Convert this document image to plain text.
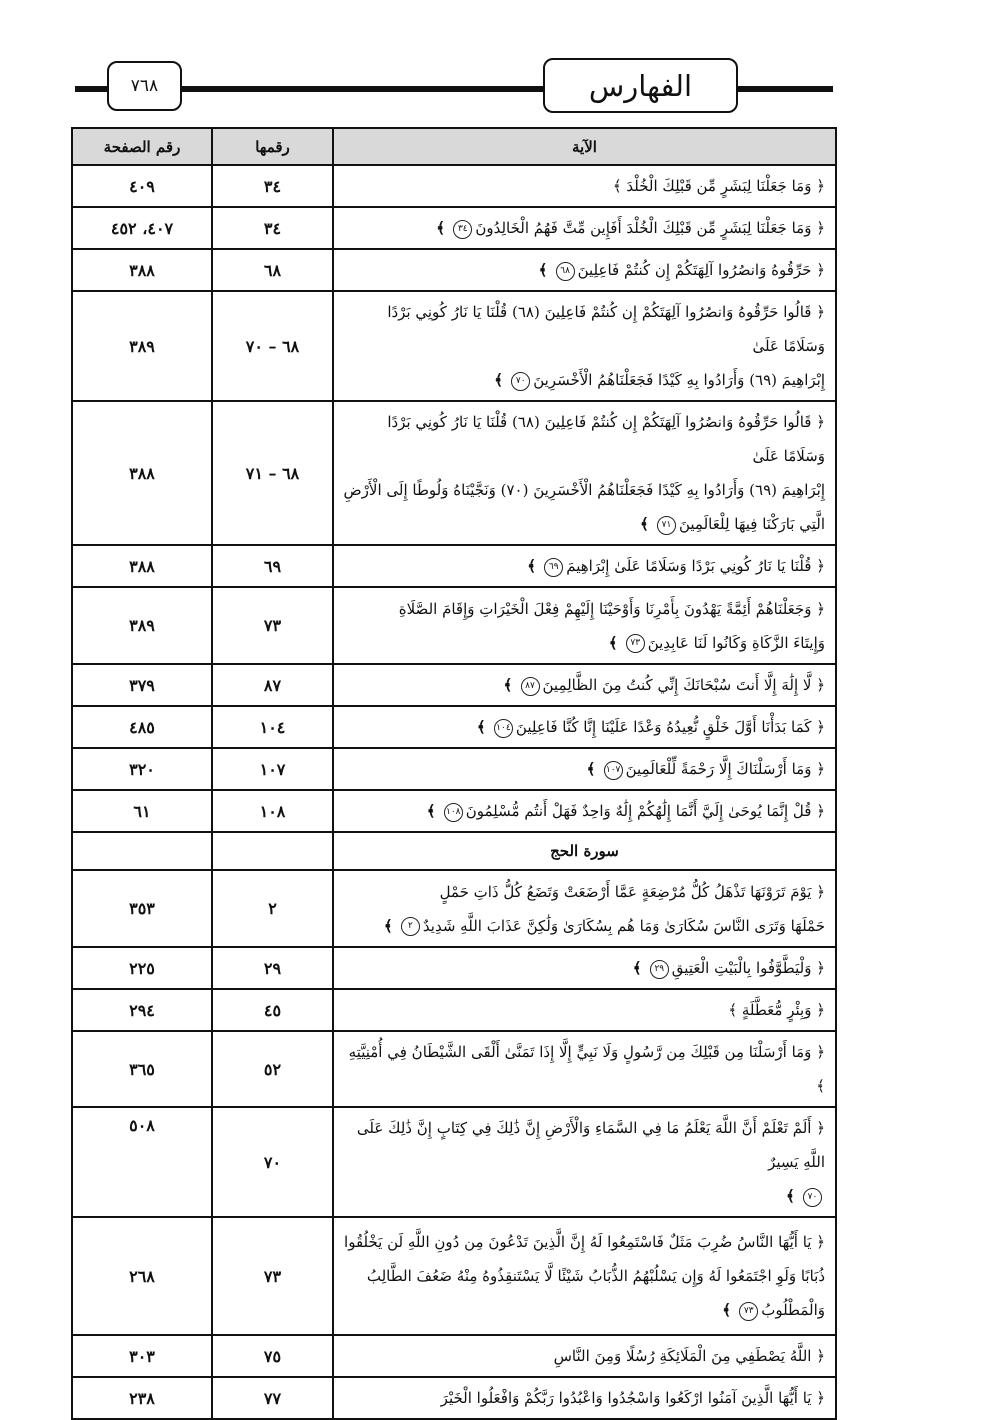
٧٦٨	الفهارس
رقم الصفحة	رقمها	الآية
٤٠٩	٣٤	﴿ وَمَا جَعَلْنَا لِبَشَرٍ مِّن قَبْلِكَ الْخُلْدَ ﴾

٤٠٧، ٤٥٢	٣٤	﴿ وَمَا جَعَلْنَا لِبَشَرٍ مِّن قَبْلِكَ الْخُلْدَ أَفَإِين مِّتَّ فَهُمُ الْخَالِدُونَ٣٤ ﴾

٣٨٨	٦٨	﴿ حَرِّقُوهُ وَانصُرُوا آلِهَتَكُمْ إِن كُنتُمْ فَاعِلِينَ٦٨ ﴾

٣٨٩	٦٨ – ٧٠	﴿ قَالُوا حَرِّقُوهُ وَانصُرُوا آلِهَتَكُمْ إِن كُنتُمْ فَاعِلِينَ (٦٨) قُلْنَا يَا نَارُ كُونِي بَرْدًا وَسَلَامًا عَلَىٰ
إِبْرَاهِيمَ (٦٩) وَأَرَادُوا بِهِ كَيْدًا فَجَعَلْنَاهُمُ الْأَخْسَرِينَ٧٠ ﴾

٣٨٨	٦٨ – ٧١	﴿ قَالُوا حَرِّقُوهُ وَانصُرُوا آلِهَتَكُمْ إِن كُنتُمْ فَاعِلِينَ (٦٨) قُلْنَا يَا نَارُ كُونِي بَرْدًا وَسَلَامًا عَلَىٰ
إِبْرَاهِيمَ (٦٩) وَأَرَادُوا بِهِ كَيْدًا فَجَعَلْنَاهُمُ الْأَخْسَرِينَ (٧٠) وَنَجَّيْنَاهُ وَلُوطًا إِلَى الْأَرْضِ
الَّتِي بَارَكْنَا فِيهَا لِلْعَالَمِينَ٧١ ﴾

٣٨٨	٦٩	﴿ قُلْنَا يَا نَارُ كُونِي بَرْدًا وَسَلَامًا عَلَىٰ إِبْرَاهِيمَ٦٩ ﴾

٣٨٩	٧٣	﴿ وَجَعَلْنَاهُمْ أَئِمَّةً يَهْدُونَ بِأَمْرِنَا وَأَوْحَيْنَا إِلَيْهِمْ فِعْلَ الْخَيْرَاتِ وَإِقَامَ الصَّلَاةِ
وَإِيتَاءَ الزَّكَاةِ وَكَانُوا لَنَا عَابِدِينَ٧٣ ﴾

٣٧٩	٨٧	﴿ لَّا إِلَٰهَ إِلَّا أَنتَ سُبْحَانَكَ إِنِّي كُنتُ مِنَ الظَّالِمِينَ٨٧ ﴾

٤٨٥	١٠٤	﴿ كَمَا بَدَأْنَا أَوَّلَ خَلْقٍ نُّعِيدُهُ وَعْدًا عَلَيْنَا إِنَّا كُنَّا فَاعِلِينَ١٠٤ ﴾

٣٢٠	١٠٧	﴿ وَمَا أَرْسَلْنَاكَ إِلَّا رَحْمَةً لِّلْعَالَمِينَ١٠٧ ﴾

٦١	١٠٨	﴿ قُلْ إِنَّمَا يُوحَىٰ إِلَيَّ أَنَّمَا إِلَٰهُكُمْ إِلَٰهٌ وَاحِدٌ فَهَلْ أَنتُم مُّسْلِمُونَ١٠٨ ﴾

		سورة الحج
٣٥٣	٢	﴿ يَوْمَ تَرَوْنَهَا تَذْهَلُ كُلُّ مُرْضِعَةٍ عَمَّا أَرْضَعَتْ وَتَضَعُ كُلُّ ذَاتِ حَمْلٍ
حَمْلَهَا وَتَرَى النَّاسَ سُكَارَىٰ وَمَا هُم بِسُكَارَىٰ وَلَٰكِنَّ عَذَابَ اللَّهِ شَدِيدٌ٢ ﴾

٢٢٥	٢٩	﴿ وَلْيَطَّوَّفُوا بِالْبَيْتِ الْعَتِيقِ٢٩ ﴾

٢٩٤	٤٥	﴿ وَبِئْرٍ مُّعَطَّلَةٍ ﴾

٣٦٥	٥٢	﴿ وَمَا أَرْسَلْنَا مِن قَبْلِكَ مِن رَّسُولٍ وَلَا نَبِيٍّ إِلَّا إِذَا تَمَنَّىٰ أَلْقَى الشَّيْطَانُ فِي أُمْنِيَّتِهِ ﴾

٥٠٨	٧٠	﴿ أَلَمْ تَعْلَمْ أَنَّ اللَّهَ يَعْلَمُ مَا فِي السَّمَاءِ وَالْأَرْضِ إِنَّ ذَٰلِكَ فِي كِتَابٍ إِنَّ ذَٰلِكَ عَلَى اللَّهِ يَسِيرٌ
٧٠ ﴾

٢٦٨	٧٣	﴿ يَا أَيُّهَا النَّاسُ ضُرِبَ مَثَلٌ فَاسْتَمِعُوا لَهُ إِنَّ الَّذِينَ تَدْعُونَ مِن دُونِ اللَّهِ لَن يَخْلُقُوا
ذُبَابًا وَلَوِ اجْتَمَعُوا لَهُ وَإِن يَسْلُبْهُمُ الذُّبَابُ شَيْئًا لَّا يَسْتَنقِذُوهُ مِنْهُ ضَعُفَ الطَّالِبُ
وَالْمَطْلُوبُ٧٣ ﴾

٣٠٣	٧٥	﴿ اللَّهُ يَصْطَفِي مِنَ الْمَلَائِكَةِ رُسُلًا وَمِنَ النَّاسِ

٢٣٨	٧٧	﴿ يَا أَيُّهَا الَّذِينَ آمَنُوا ارْكَعُوا وَاسْجُدُوا وَاعْبُدُوا رَبَّكُمْ وَافْعَلُوا الْخَيْرَ
